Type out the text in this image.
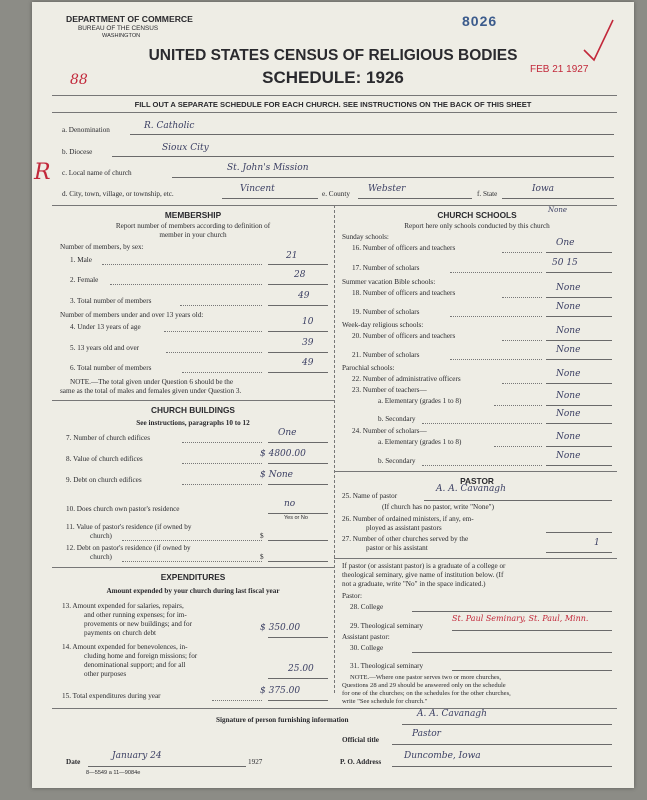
DEPARTMENT OF COMMERCE
BUREAU OF THE CENSUS
WASHINGTON
8026
UNITED STATES CENSUS OF RELIGIOUS BODIES
SCHEDULE: 1926
88
FEB 21 1927
FILL OUT A SEPARATE SCHEDULE FOR EACH CHURCH. SEE INSTRUCTIONS ON THE BACK OF THIS SHEET
a. Denomination	R. Catholic
b. Diocese	Sioux City
c. Local name of church	St. John's Mission
R
d. City, town, village, or township, etc.	Vincent	e. County Webster	f. State	Iowa
MEMBERSHIP
Report number of members according to definition of
member in your church
Number of members, by sex:
1. Male	21
2. Female	28
3. Total number of members	49
Number of members under and over 13 years old:
4. Under 13 years of age	10
5. 13 years old and over	39
6. Total number of members	49
NOTE.—The total given under Question 6 should be the
same as the total of males and females given under Question 3.
CHURCH BUILDINGS
See instructions, paragraphs 10 to 12
7. Number of church edifices	One
8. Value of church edifices	$ 4800.00
9. Debt on church edifices	$ None
10. Does church own pastor's residence	no
Yes or No
11. Value of pastor's residence (if owned by
church)	$
12. Debt on pastor's residence (if owned by
church)	$
EXPENDITURES
Amount expended by your church during last fiscal year
13. Amount expended for salaries, repairs,
and other running expenses; for im-
provements or new buildings; and for
payments on church debt	$ 350.00
14. Amount expended for benevolences, in-
cluding home and foreign missions; for
denominational support; and for all
other purposes	25.00
15. Total expenditures during year	$ 375.00
CHURCH SCHOOLS	None
Report here only schools conducted by this church
Sunday schools:
16. Number of officers and teachers	One
17. Number of scholars	50 15
Summer vacation Bible schools:
18. Number of officers and teachers	None
19. Number of scholars	None
Week-day religious schools:
20. Number of officers and teachers	None
21. Number of scholars	None
Parochial schools:
22. Number of administrative officers	None
23. Number of teachers—
a. Elementary (grades 1 to 8)	None
b. Secondary	None
24. Number of scholars—
a. Elementary (grades 1 to 8)	None
b. Secondary	None
PASTOR
25. Name of pastor
A. A. Cavanagh
(If church has no pastor, write "None")
26. Number of ordained ministers, if any, em-
ployed as assistant pastors
27. Number of other churches served by the
pastor or his assistant	1
If pastor (or assistant pastor) is a graduate of a college or
theological seminary, give name of institution below. (If
not a graduate, write "No" in the space indicated.)
Pastor:
28. College
29. Theological seminary
St. Paul Seminary, St. Paul, Minn.
Assistant pastor:
30. College
31. Theological seminary
NOTE.—Where one pastor serves two or more churches,
Questions 28 and 29 should be answered only on the schedule
for one of the churches; on the schedules for the other churches,
write "See schedule for church."
Signature of person furnishing information
A. A. Cavanagh
Official title
Pastor
Date
January 24
1927	P. O. Address
Duncombe, Iowa
8—5549 a 11—9084e
